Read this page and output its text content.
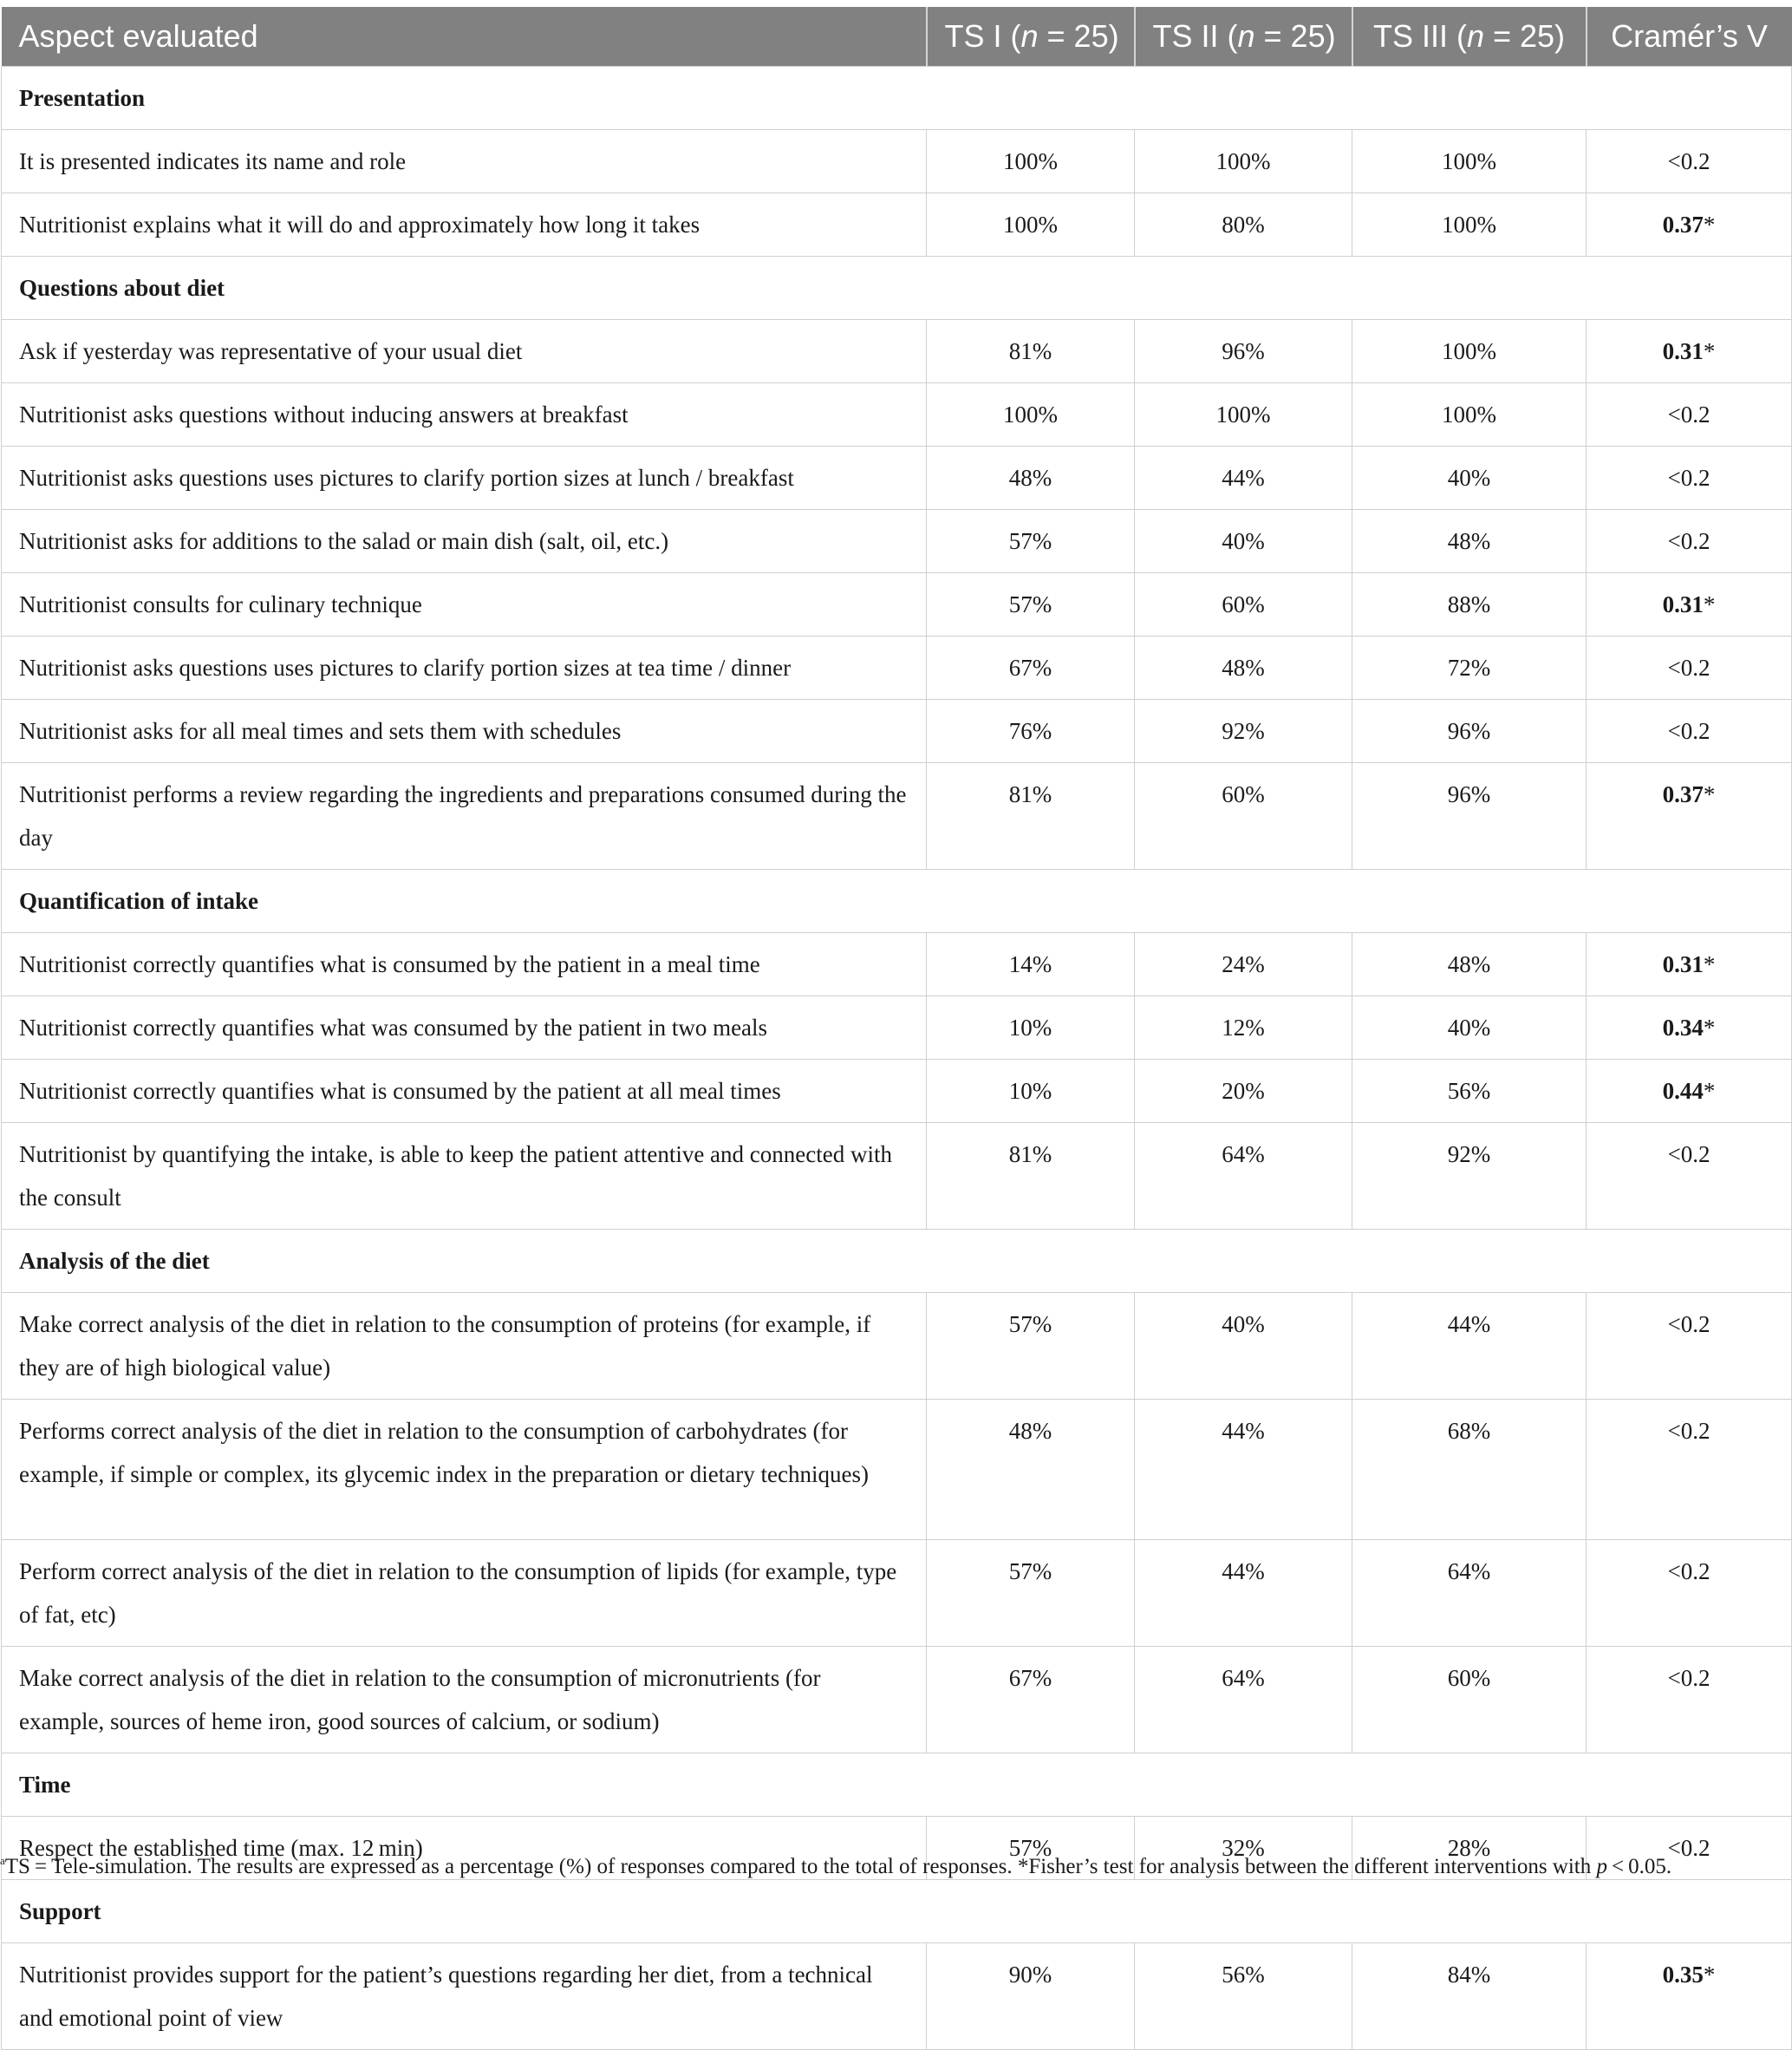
Aspect evaluated	TS I (n = 25)	TS II (n = 25)	TS III (n = 25)	Cramér’s V
Presentation				
It is presented indicates its name and role	100%	100%	100%	<0.2
Nutritionist explains what it will do and approximately how long it takes	100%	80%	100%	0.37*
Questions about diet				
Ask if yesterday was representative of your usual diet	81%	96%	100%	0.31*
Nutritionist asks questions without inducing answers at breakfast	100%	100%	100%	<0.2
Nutritionist asks questions uses pictures to clarify portion sizes at lunch / breakfast	48%	44%	40%	<0.2
Nutritionist asks for additions to the salad or main dish (salt, oil, etc.)	57%	40%	48%	<0.2
Nutritionist consults for culinary technique	57%	60%	88%	0.31*
Nutritionist asks questions uses pictures to clarify portion sizes at tea time / dinner	67%	48%	72%	<0.2
Nutritionist asks for all meal times and sets them with schedules	76%	92%	96%	<0.2
Nutritionist performs a review regarding the ingredients and preparations consumed during the day	81%	60%	96%	0.37*
Quantification of intake				
Nutritionist correctly quantifies what is consumed by the patient in a meal time	14%	24%	48%	0.31*
Nutritionist correctly quantifies what was consumed by the patient in two meals	10%	12%	40%	0.34*
Nutritionist correctly quantifies what is consumed by the patient at all meal times	10%	20%	56%	0.44*
Nutritionist by quantifying the intake, is able to keep the patient attentive and connected with the consult	81%	64%	92%	<0.2
Analysis of the diet				
Make correct analysis of the diet in relation to the consumption of proteins (for example, if they are of high biological value)	57%	40%	44%	<0.2
Performs correct analysis of the diet in relation to the consumption of carbohydrates (for example, if simple or complex, its glycemic index in the preparation or dietary techniques)	48%	44%	68%	<0.2
Perform correct analysis of the diet in relation to the consumption of lipids (for example, type of fat, etc)	57%	44%	64%	<0.2
Make correct analysis of the diet in relation to the consumption of micronutrients (for example, sources of heme iron, good sources of calcium, or sodium)	67%	64%	60%	<0.2
Time				
Respect the established time (max. 12 min)	57%	32%	28%	<0.2
Support				
Nutritionist provides support for the patient’s questions regarding her diet, from a technical and emotional point of view	90%	56%	84%	0.35*
$^a$TS = Tele-simulation. The results are expressed as a percentage (%) of responses compared to the total of responses. *Fisher’s test for analysis between the different interventions with p < 0.05.
